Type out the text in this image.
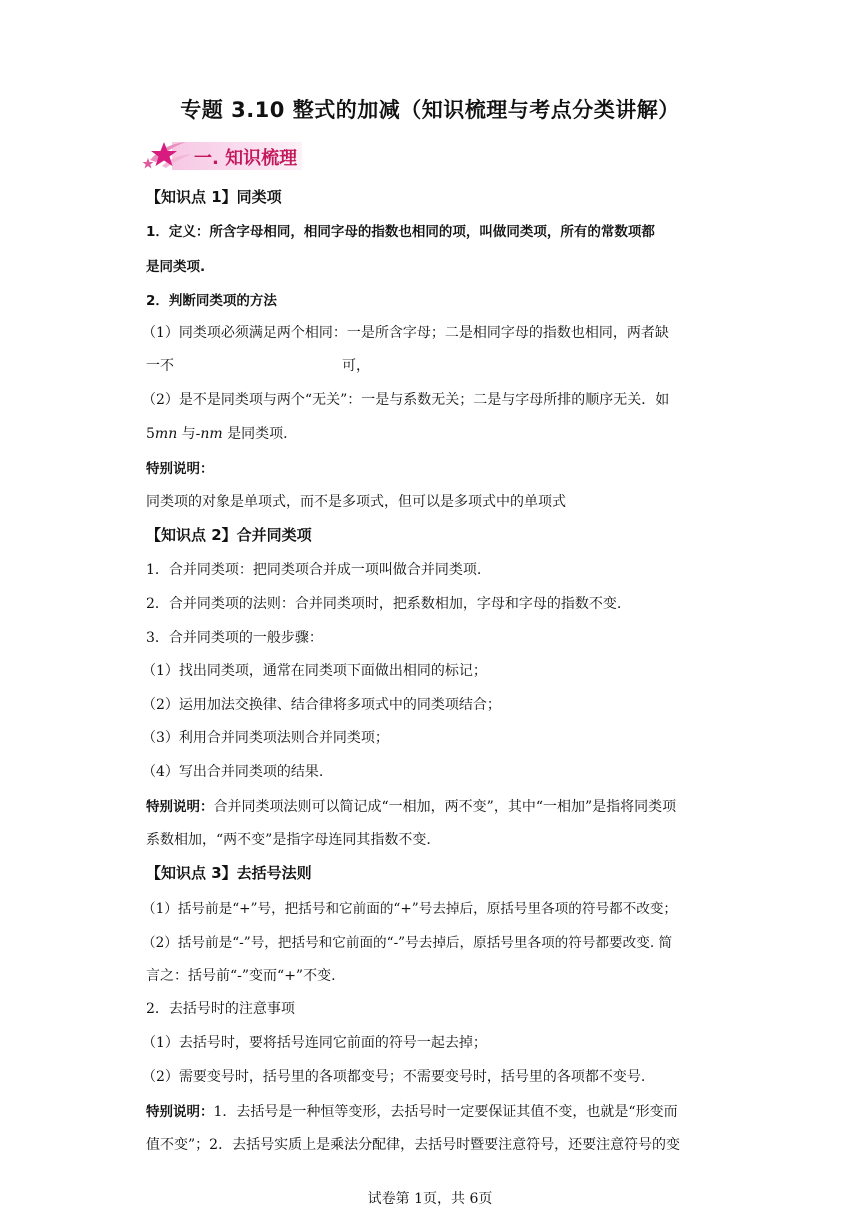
专题 3.10 整式的加减（知识梳理与考点分类讲解）
一. 知识梳理
【知识点 1】同类项
1．定义：所含字母相同，相同字母的指数也相同的项，叫做同类项，所有的常数项都
是同类项.
2．判断同类项的方法
（1）同类项必须满足两个相同：一是所含字母；二是相同字母的指数也相同，两者缺
一不	可，
（2）是不是同类项与两个“无关”：一是与系数无关；二是与字母所排的顺序无关．如
5mn 与-nm 是同类项.
特别说明：
同类项的对象是单项式，而不是多项式，但可以是多项式中的单项式
【知识点 2】合并同类项
1．合并同类项：把同类项合并成一项叫做合并同类项.
2．合并同类项的法则：合并同类项时，把系数相加，字母和字母的指数不变.
3．合并同类项的一般步骤：
（1）找出同类项，通常在同类项下面做出相同的标记；
（2）运用加法交换律、结合律将多项式中的同类项结合；
（3）利用合并同类项法则合并同类项；
（4）写出合并同类项的结果.
特别说明：合并同类项法则可以简记成“一相加，两不变”，其中“一相加”是指将同类项
系数相加，“两不变”是指字母连同其指数不变.
【知识点 3】去括号法则
（1）括号前是“+”号，把括号和它前面的“+”号去掉后，原括号里各项的符号都不改变；
（2）括号前是“-”号，把括号和它前面的“-”号去掉后，原括号里各项的符号都要改变. 简
言之：括号前“-”变而“+”不变.
2．去括号时的注意事项
（1）去括号时，要将括号连同它前面的符号一起去掉；
（2）需要变号时，括号里的各项都变号；不需要变号时，括号里的各项都不变号.
特别说明：1．去括号是一种恒等变形，去括号时一定要保证其值不变，也就是“形变而
值不变”；2．去括号实质上是乘法分配律，去括号时暨要注意符号，还要注意符号的变
试卷第 1页，共 6页
